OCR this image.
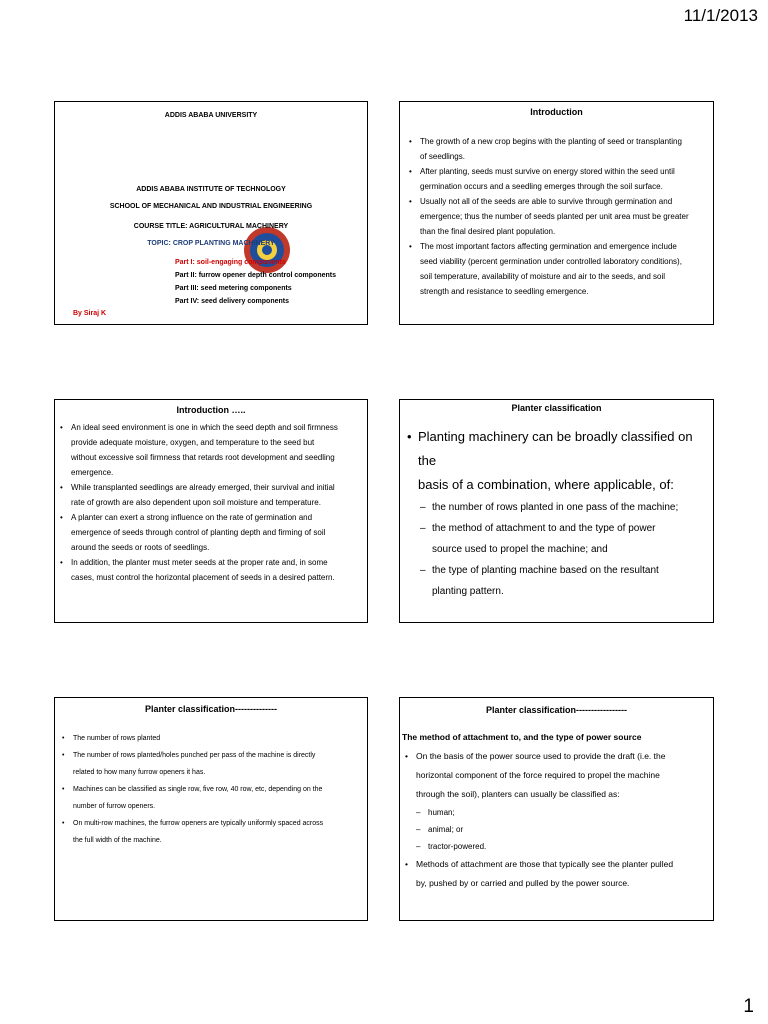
11/1/2013
ADDIS ABABA UNIVERSITY
ADDIS ABABA INSTITUTE OF TECHNOLOGY
SCHOOL OF MECHANICAL AND INDUSTRIAL ENGINEERING
COURSE TITLE: AGRICULTURAL MACHINERY
TOPIC: CROP PLANTING MACHINERY
Part I: soil-engaging components
Part II: furrow opener depth control components
Part III: seed metering components
Part IV: seed delivery components
By Siraj K
Introduction
• The growth of a new crop begins with the planting of seed or transplanting
of seedlings.
• After planting, seeds must survive on energy stored within the seed until
germination occurs and a seedling emerges through the soil surface.
• Usually not all of the seeds are able to survive through germination and
emergence; thus the number of seeds planted per unit area must be greater
than the final desired plant population.
• The most important factors affecting germination and emergence include
seed viability (percent germination under controlled laboratory conditions),
soil temperature, availability of moisture and air to the seeds, and soil
strength and resistance to seedling emergence.
Introduction …..
• An ideal seed environment is one in which the seed depth and soil firmness
provide adequate moisture, oxygen, and temperature to the seed but
without excessive soil firmness that retards root development and seedling
emergence.
• While transplanted seedlings are already emerged, their survival and initial
rate of growth are also dependent upon soil moisture and temperature.
• A planter can exert a strong influence on the rate of germination and
emergence of seeds through control of planting depth and firming of soil
around the seeds or roots of seedlings.
• In addition, the planter must meter seeds at the proper rate and, in some
cases, must control the horizontal placement of seeds in a desired pattern.
Planter classification
• Planting machinery can be broadly classified on the
basis of a combination, where applicable, of:
– the number of rows planted in one pass of the machine;
– the method of attachment to and the type of power
source used to propel the machine; and
– the type of planting machine based on the resultant
planting pattern.
Planter classification--------------
• The number of rows planted
• The number of rows planted/holes punched per pass of the machine is directly
related to how many furrow openers it has.
• Machines can be classified as single row, five row, 40 row, etc, depending on the
number of furrow openers.
• On multi-row machines, the furrow openers are typically uniformly spaced across
the full width of the machine.
Planter classification-----------------
The method of attachment to, and the type of power source
• On the basis of the power source used to provide the draft (i.e. the
horizontal component of the force required to propel the machine
through the soil), planters can usually be classified as:
– human;
– animal; or
– tractor-powered.
• Methods of attachment are those that typically see the planter pulled
by, pushed by or carried and pulled by the power source.
1
